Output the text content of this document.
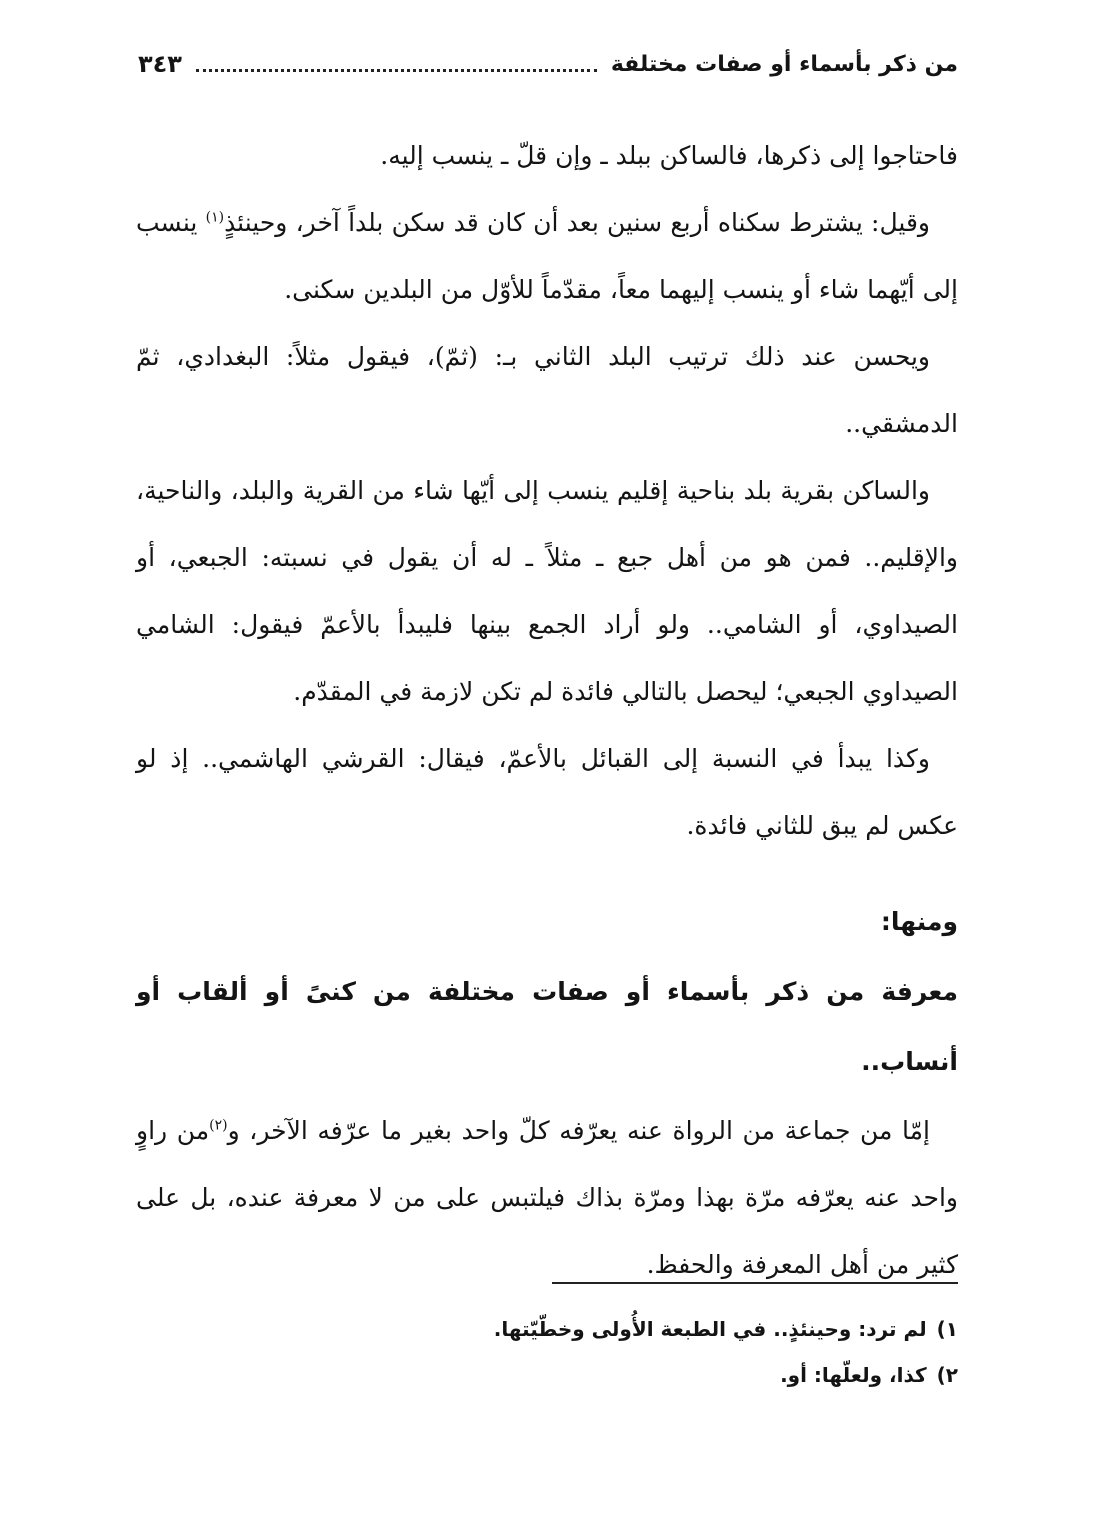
من ذكر بأسماء أو صفات مختلفة
٣٤٣

فاحتاجوا إلى ذكرها، فالساكن ببلد ـ وإن قلّ ـ ينسب إليه.

وقيل: يشترط سكناه أربع سنين بعد أن كان قد سكن بلداً آخر، وحينئذٍ$^{(١)}$ ينسب إلى أيّهما شاء أو ينسب إليهما معاً، مقدّماً للأوّل من البلدين سكنى.

ويحسن عند ذلك ترتيب البلد الثاني بـ: (ثمّ)، فيقول مثلاً: البغدادي، ثمّ الدمشقي..

والساكن بقرية بلد بناحية إقليم ينسب إلى أيّها شاء من القرية والبلد، والناحية، والإقليم.. فمن هو من أهل جبع ـ مثلاً ـ له أن يقول في نسبته: الجبعي، أو الصيداوي، أو الشامي.. ولو أراد الجمع بينها فليبدأ بالأعمّ فيقول: الشامي الصيداوي الجبعي؛ ليحصل بالتالي فائدة لم تكن لازمة في المقدّم.

وكذا يبدأ في النسبة إلى القبائل بالأعمّ، فيقال: القرشي الهاشمي.. إذ لو عكس لم يبق للثاني فائدة.

ومنها:
معرفة من ذكر بأسماء أو صفات مختلفة من كنىً أو ألقاب أو أنساب..

إمّا من جماعة من الرواة عنه يعرّفه كلّ واحد بغير ما عرّفه الآخر، و$^{(٢)}$من راوٍ واحد عنه يعرّفه مرّة بهذا ومرّة بذاك فيلتبس على من لا معرفة عنده، بل على كثير من أهل المعرفة والحفظ.

١)لم ترد: وحينئذٍ.. في الطبعة الأُولى وخطّيّتها.
٢)كذا، ولعلّها: أو.
